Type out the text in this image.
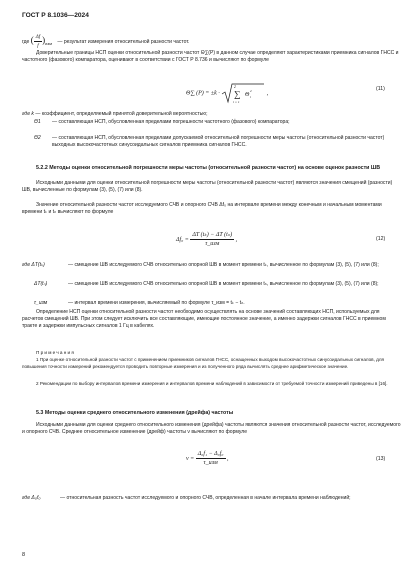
ГОСТ Р 8.1036—2024
где ( $\frac{\Delta f}{f} )_{изм}$ — результат измерения относительной разности частот.
Доверительные границы НСП оценки относительной разности частот Θ∑(P) в данном случае определяют характеристиками приемника сигналов ГНСС и частотного (фазового) компаратора, оценивают в соответствии с ГОСТ Р 8.736 и вычисляют по формуле
Θ∑ (P) = ±k ·
2
∑
i = 1
Θ
2
i
,
(11)
где k — коэффициент, определяемый принятой доверительной вероятностью;
Θ1 — составляющая НСП, обусловленная пределами погрешности частотного (фазового) компаратора;
Θ2 — составляющая НСП, обусловленная пределами допускаемой относительной погрешности меры частоты (относительной разности частот) выходных высокочастотных синусоидальных сигналов приемника сигналов ГНСС.
5.2.2 Методы оценки относительной погрешности меры частоты (относительной разности частот) на основе оценок разности ШВ
Исходными данными для оценки относительной погрешности меры частоты (относительной разности частот) являются значения смещений (разности) ШВ, вычисленные по формулам (3), (5), (7) или (8).
Значение относительной разности частот исследуемого СЧВ и опорного СЧВ Δf₀ на интервале времени между конечным и начальным моментами времени tₖ и tₙ вычисляют по формуле
$\Delta f_0 = \frac{\text{ΔT (tₖ) − ΔT (tₙ)}}{\text{τ\_изм}}$ ,	(12)
где ΔT(tₖ)	— смещение ШВ исследуемого СЧВ относительно опорной ШВ в момент времени tₖ, вычисленное по формулам (3), (5), (7) или (8);
ΔT(tₙ)	— смещение ШВ исследуемого СЧВ относительно опорной ШВ в момент времени tₙ, вычисленное по формулам (3), (5), (7) или (8);
τ_изм	— интервал времени измерения, вычисляемый по формуле τ_изм = tₖ − tₙ.
Определение НСП оценки относительной разности частот необходимо осуществлять на основе значений составляющих НСП, используемых для расчетов смещений ШВ. При этом следует исключить все составляющие, имеющие постоянное значение, а именно задержки сигналов ГНСС в приемном тракте и задержки импульсных сигналов 1 Гц в кабелях.
Примечания
1 При оценке относительной разности частот с применением приемников сигналов ГНСС, оснащенных выходом высокочастотных синусоидальных сигналов, для повышения точности измерений рекомендуется проводить повторные измерения и из полученного ряда вычислять среднее арифметическое значение.
2 Рекомендации по выбору интервалов времени измерения и интервалов времени наблюдений в зависимости от требуемой точности измерений приведены в [16].
5.3 Методы оценки среднего относительного изменения (дрейфа) частоты
Исходными данными для оценки среднего относительного изменения (дрейфа) частоты являются значения относительной разности частот, исследуемого и опорного СЧВ. Среднее относительное изменение (дрейф) частоты ν вычисляют по формуле
$\nu = \frac{\text{Δ₀f₁ − Δ₀f₀}}{\text{τ\_изм}}$ ,	(13)
где Δ₀f₀	— относительная разность частот исследуемого и опорного СЧВ, определенная в начале интервала времени наблюдений;
8
